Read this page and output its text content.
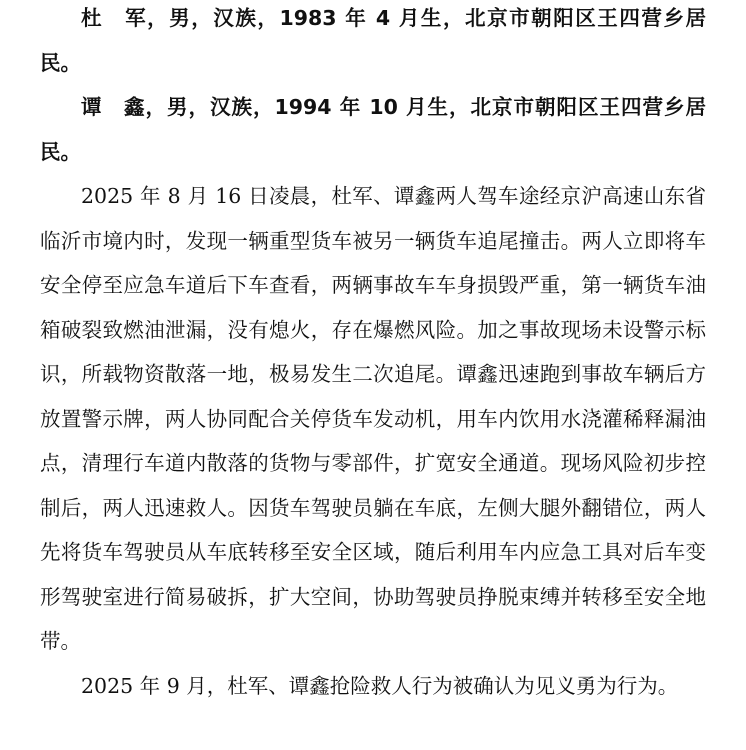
杜　军，男，汉族，1983 年 4 月生，北京市朝阳区王四营乡居民。

谭　鑫，男，汉族，1994 年 10 月生，北京市朝阳区王四营乡居民。

2025 年 8 月 16 日凌晨，杜军、谭鑫两人驾车途经京沪高速山东省临沂市境内时，发现一辆重型货车被另一辆货车追尾撞击。两人立即将车安全停至应急车道后下车查看，两辆事故车车身损毁严重，第一辆货车油箱破裂致燃油泄漏，没有熄火，存在爆燃风险。加之事故现场未设警示标识，所载物资散落一地，极易发生二次追尾。谭鑫迅速跑到事故车辆后方放置警示牌，两人协同配合关停货车发动机，用车内饮用水浇灌稀释漏油点，清理行车道内散落的货物与零部件，扩宽安全通道。现场风险初步控制后，两人迅速救人。因货车驾驶员躺在车底，左侧大腿外翻错位，两人先将货车驾驶员从车底转移至安全区域，随后利用车内应急工具对后车变形驾驶室进行简易破拆，扩大空间，协助驾驶员挣脱束缚并转移至安全地带。

2025 年 9 月，杜军、谭鑫抢险救人行为被确认为见义勇为行为。
